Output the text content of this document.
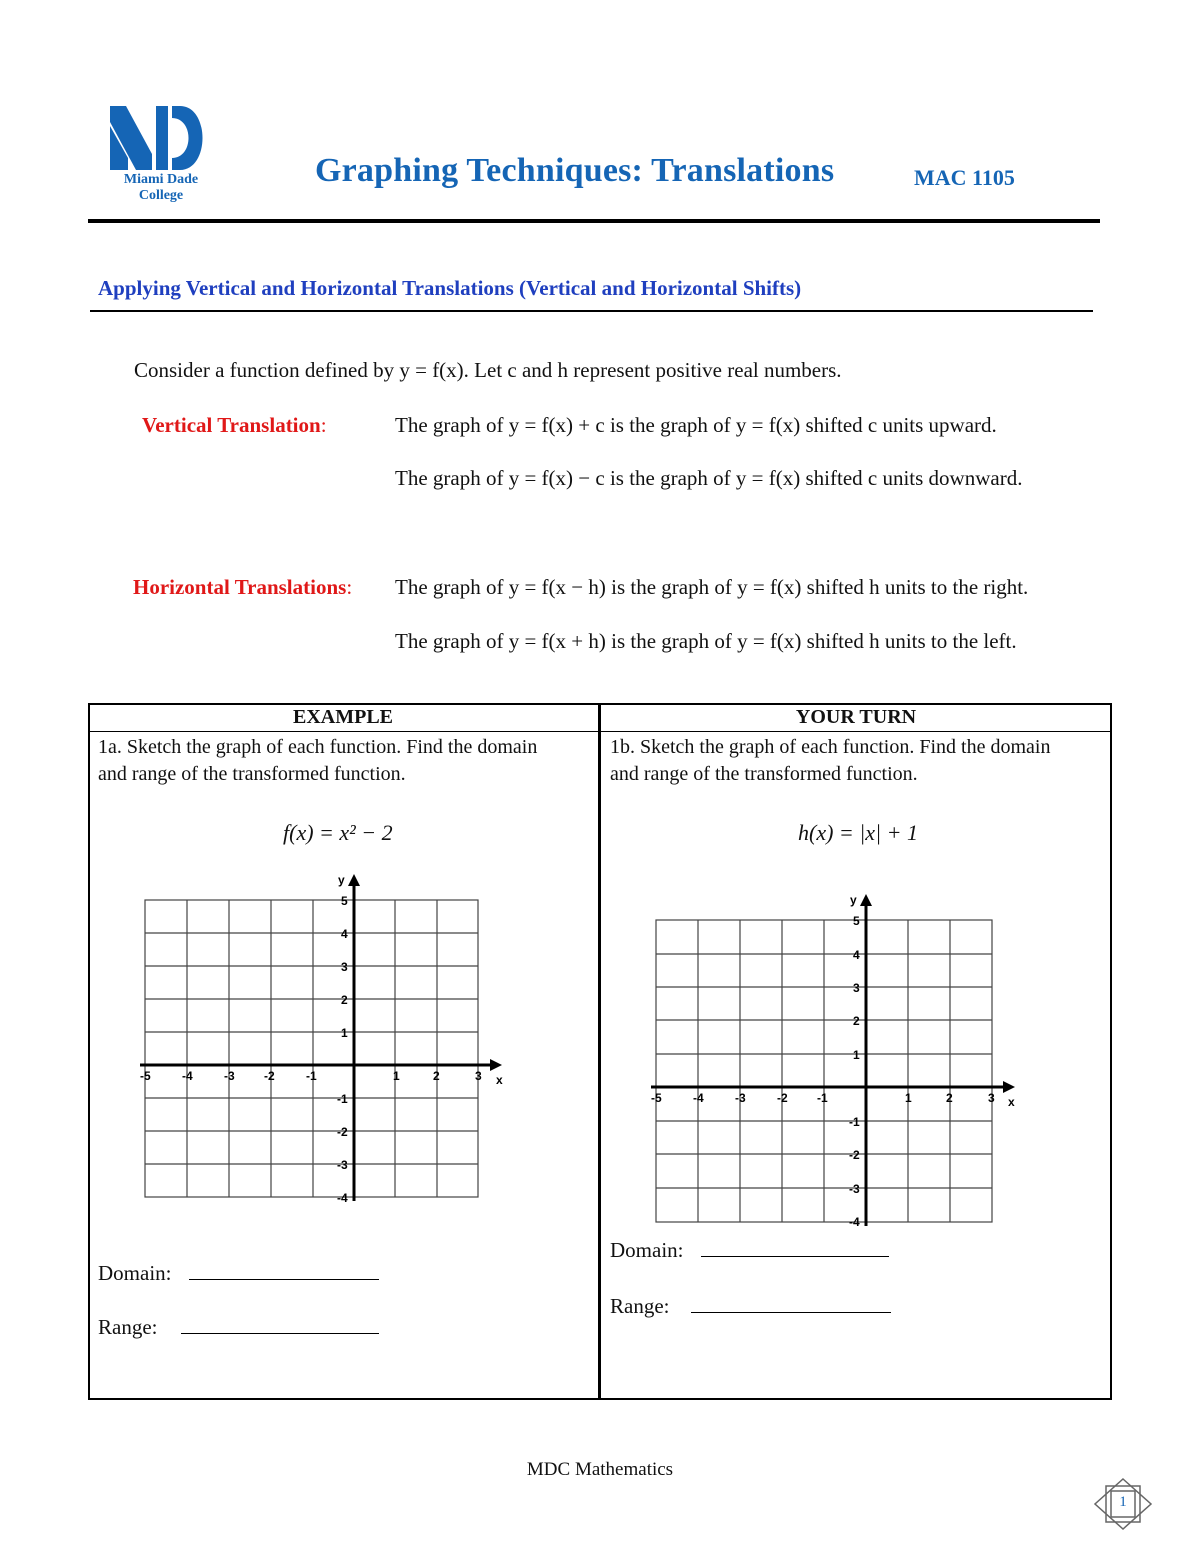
Miami Dade
College
Graphing Techniques: Translations	MAC 1105
Applying Vertical and Horizontal Translations (Vertical and Horizontal Shifts)
Consider a function defined by y = f(x). Let c and h represent positive real numbers.
Vertical Translation:	The graph of y = f(x) + c is the graph of y = f(x) shifted c units upward.
The graph of y = f(x) − c is the graph of y = f(x) shifted c units downward.
Horizontal Translations: The graph of y = f(x − h) is the graph of y = f(x) shifted h units to the right.
The graph of y = f(x + h) is the graph of y = f(x) shifted h units to the left.
EXAMPLE	YOUR TURN
1a. Sketch the graph of each function. Find the domain and range of the transformed function.
1b. Sketch the graph of each function. Find the domain and range of the transformed function.
f(x) = x² − 2	h(x) = |x| + 1
x
y
-5	-4	-3 -2	-1	1	2	3
5
4
3
2
1
-1
-2
-3
-4
x
y
-5	-4	-3	-2 -1	1	2	3
5
4
3
2
1
-1
-2
-3
-4
Domain:
Range:
Domain:
Range:
MDC Mathematics
1
